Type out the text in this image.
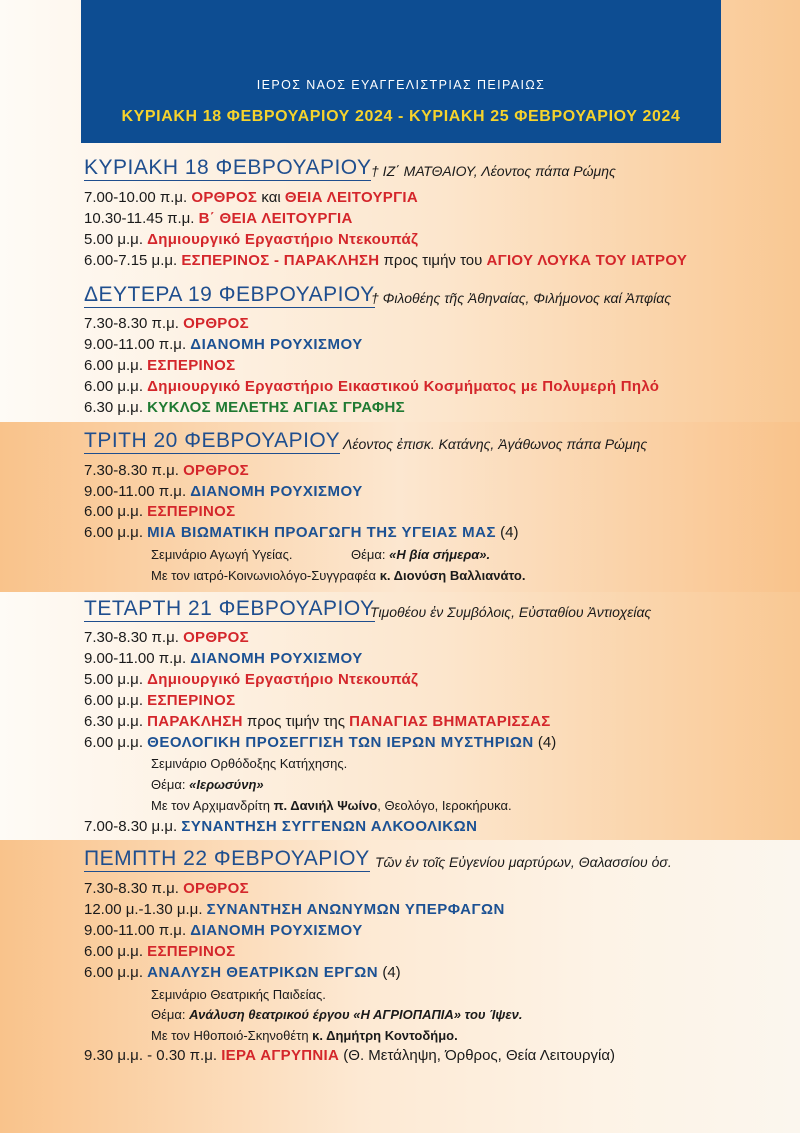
ΙΕΡΟΣ ΝΑΟΣ ΕΥΑΓΓΕΛΙΣΤΡΙΑΣ ΠΕΙΡΑΙΩΣ
ΚΥΡΙΑΚΗ 18 ΦΕΒΡΟΥΑΡΙΟΥ 2024 - ΚΥΡΙΑΚΗ 25 ΦΕΒΡΟΥΑΡΙΟΥ 2024
ΚΥΡΙΑΚΗ 18 ΦΕΒΡΟΥΑΡΙΟΥ † ΙΖ΄ ΜΑΤΘΑΙΟΥ, Λέοντος πάπα Ρώμης
7.00-10.00 π.μ. ΟΡΘΡΟΣ και ΘΕΙΑ ΛΕΙΤΟΥΡΓΙΑ
10.30-11.45 π.μ. Β΄ ΘΕΙΑ ΛΕΙΤΟΥΡΓΙΑ
5.00 μ.μ. Δημιουργικό Εργαστήριο Ντεκουπάζ
6.00-7.15 μ.μ. ΕΣΠΕΡΙΝΟΣ - ΠΑΡΑΚΛΗΣΗ προς τιμήν του ΑΓΙΟΥ ΛΟΥΚΑ ΤΟΥ ΙΑΤΡΟΥ
ΔΕΥΤΕΡΑ 19 ΦΕΒΡΟΥΑΡΙΟΥ
† Φιλοθέης τῆς Ἀθηναίας, Φιλήμονος καί Ἀπφίας
7.30-8.30 π.μ. ΟΡΘΡΟΣ
9.00-11.00 π.μ. ΔΙΑΝΟΜΗ ΡΟΥΧΙΣΜΟΥ
6.00 μ.μ. ΕΣΠΕΡΙΝΟΣ
6.00 μ.μ. Δημιουργικό Εργαστήριο Εικαστικού Κοσμήματος με Πολυμερή Πηλό
6.30 μ.μ. ΚΥΚΛΟΣ ΜΕΛΕΤΗΣ ΑΓΙΑΣ ΓΡΑΦΗΣ
ΤΡΙΤΗ 20 ΦΕΒΡΟΥΑΡΙΟΥ Λέοντος ἐπισκ. Κατάνης, Ἀγάθωνος πάπα Ρώμης
7.30-8.30 π.μ. ΟΡΘΡΟΣ
9.00-11.00 π.μ. ΔΙΑΝΟΜΗ ΡΟΥΧΙΣΜΟΥ
6.00 μ.μ. ΕΣΠΕΡΙΝΟΣ
6.00 μ.μ. ΜΙΑ ΒΙΩΜΑΤΙΚΗ ΠΡΟΑΓΩΓΗ ΤΗΣ ΥΓΕΙΑΣ ΜΑΣ (4)
Σεμινάριο Αγωγή Υγείας.	Θέμα: «Η βία σήμερα».
Με τον ιατρό-Κοινωνιολόγο-Συγγραφέα κ. Διονύση Βαλλιανάτο.
ΤΕΤΑΡΤΗ 21 ΦΕΒΡΟΥΑΡΙΟΥ
Τιμοθέου ἐν Συμβόλοις, Εὐσταθίου Ἀντιοχείας
7.30-8.30 π.μ. ΟΡΘΡΟΣ
9.00-11.00 π.μ. ΔΙΑΝΟΜΗ ΡΟΥΧΙΣΜΟΥ
5.00 μ.μ. Δημιουργικό Εργαστήριο Ντεκουπάζ
6.00 μ.μ. ΕΣΠΕΡΙΝΟΣ
6.30 μ.μ. ΠΑΡΑΚΛΗΣΗ προς τιμήν της ΠΑΝΑΓΙΑΣ ΒΗΜΑΤΑΡΙΣΣΑΣ
6.00 μ.μ. ΘΕΟΛΟΓΙΚΗ ΠΡΟΣΕΓΓΙΣΗ ΤΩΝ ΙΕΡΩΝ ΜΥΣΤΗΡΙΩΝ (4)
Σεμινάριο Ορθόδοξης Κατήχησης.
Θέμα: «Ιερωσύνη»
Με τον Αρχιμανδρίτη π. Δανιήλ Ψωίνο, Θεολόγο, Ιεροκήρυκα.
7.00-8.30 μ.μ. ΣΥΝΑΝΤΗΣΗ ΣΥΓΓΕΝΩΝ ΑΛΚΟΟΛΙΚΩΝ
ΠΕΜΠΤΗ 22 ΦΕΒΡΟΥΑΡΙΟΥ Τῶν ἐν τοῖς Εὐγενίου μαρτύρων, Θαλασσίου ὁσ.
7.30-8.30 π.μ. ΟΡΘΡΟΣ
12.00 μ.-1.30 μ.μ. ΣΥΝΑΝΤΗΣΗ ΑΝΩΝΥΜΩΝ ΥΠΕΡΦΑΓΩΝ
9.00-11.00 π.μ. ΔΙΑΝΟΜΗ ΡΟΥΧΙΣΜΟΥ
6.00 μ.μ. ΕΣΠΕΡΙΝΟΣ
6.00 μ.μ. ΑΝΑΛΥΣΗ ΘΕΑΤΡΙΚΩΝ ΕΡΓΩΝ (4)
Σεμινάριο Θεατρικής Παιδείας.
Θέμα: Ανάλυση θεατρικού έργου «Η ΑΓΡΙΟΠΑΠΙΑ» του Ίψεν.
Με τον Ηθοποιό-Σκηνοθέτη κ. Δημήτρη Κοντοδήμο.
9.30 μ.μ. - 0.30 π.μ. ΙΕΡΑ ΑΓΡΥΠΝΙΑ (Θ. Μετάληψη, Όρθρος, Θεία Λειτουργία)
